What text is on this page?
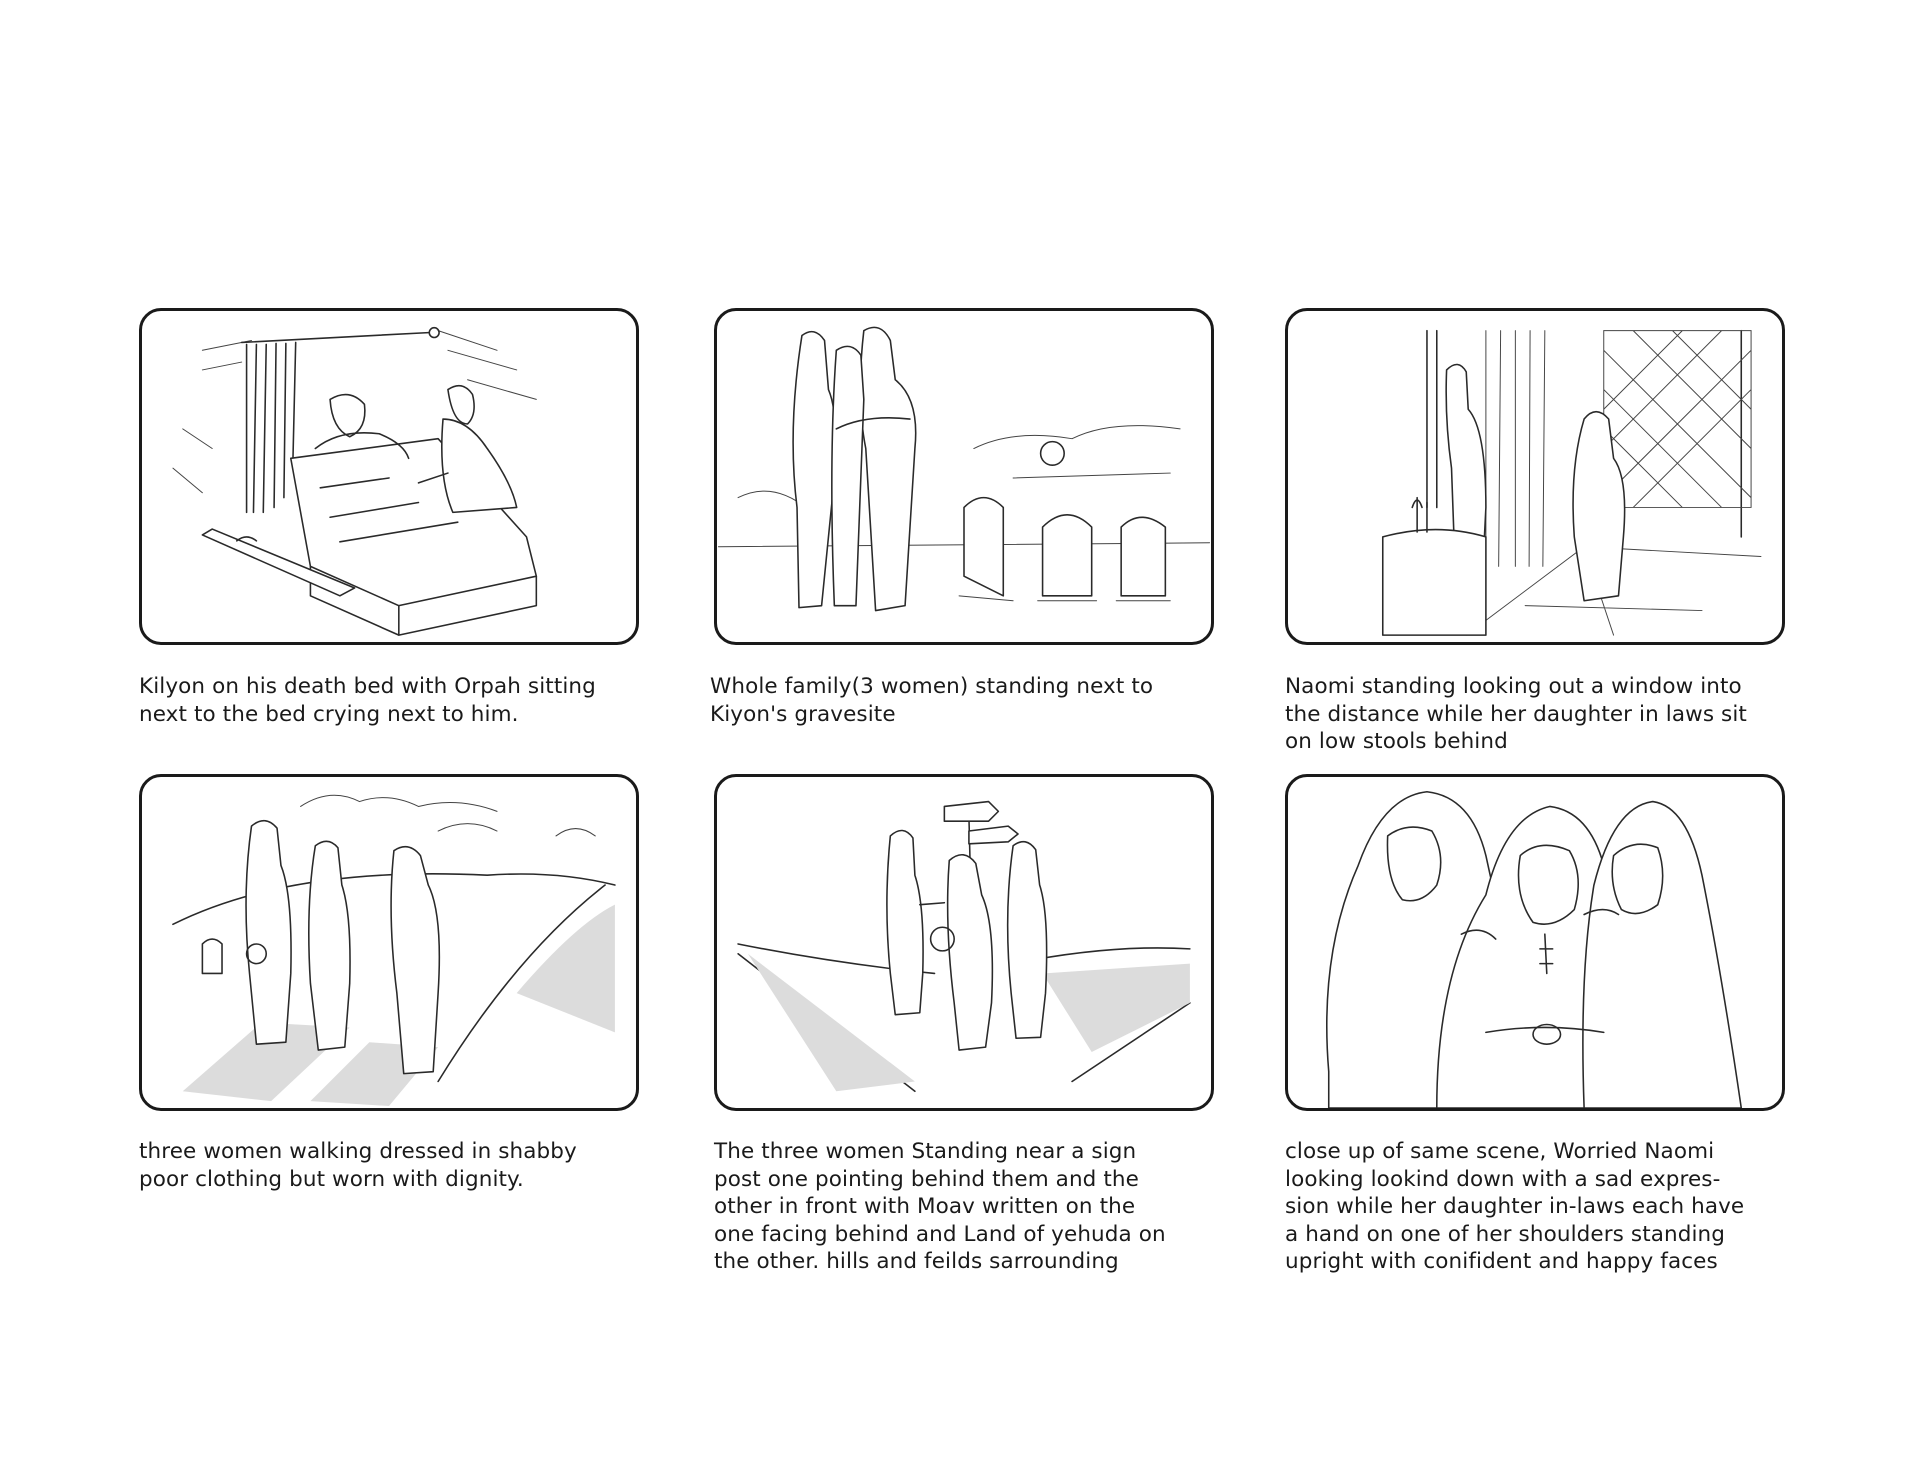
Kilyon on his death bed with Orpah sitting
next to the bed crying next to him.
Whole family(3 women) standing next to
Kiyon's gravesite
Naomi standing looking out a window into
the distance while her daughter in laws sit
on low stools behind
three women walking dressed in shabby
poor clothing but worn with dignity.
The three women Standing near a sign
post one pointing behind them and the
other in front with Moav written on the
one facing behind and Land of yehuda on
the other. hills and feilds sarrounding
close up of same scene, Worried Naomi
looking lookind down with a sad expres-
sion while her daughter in-laws each have
a hand on one of her shoulders standing
upright with conifident and happy faces
